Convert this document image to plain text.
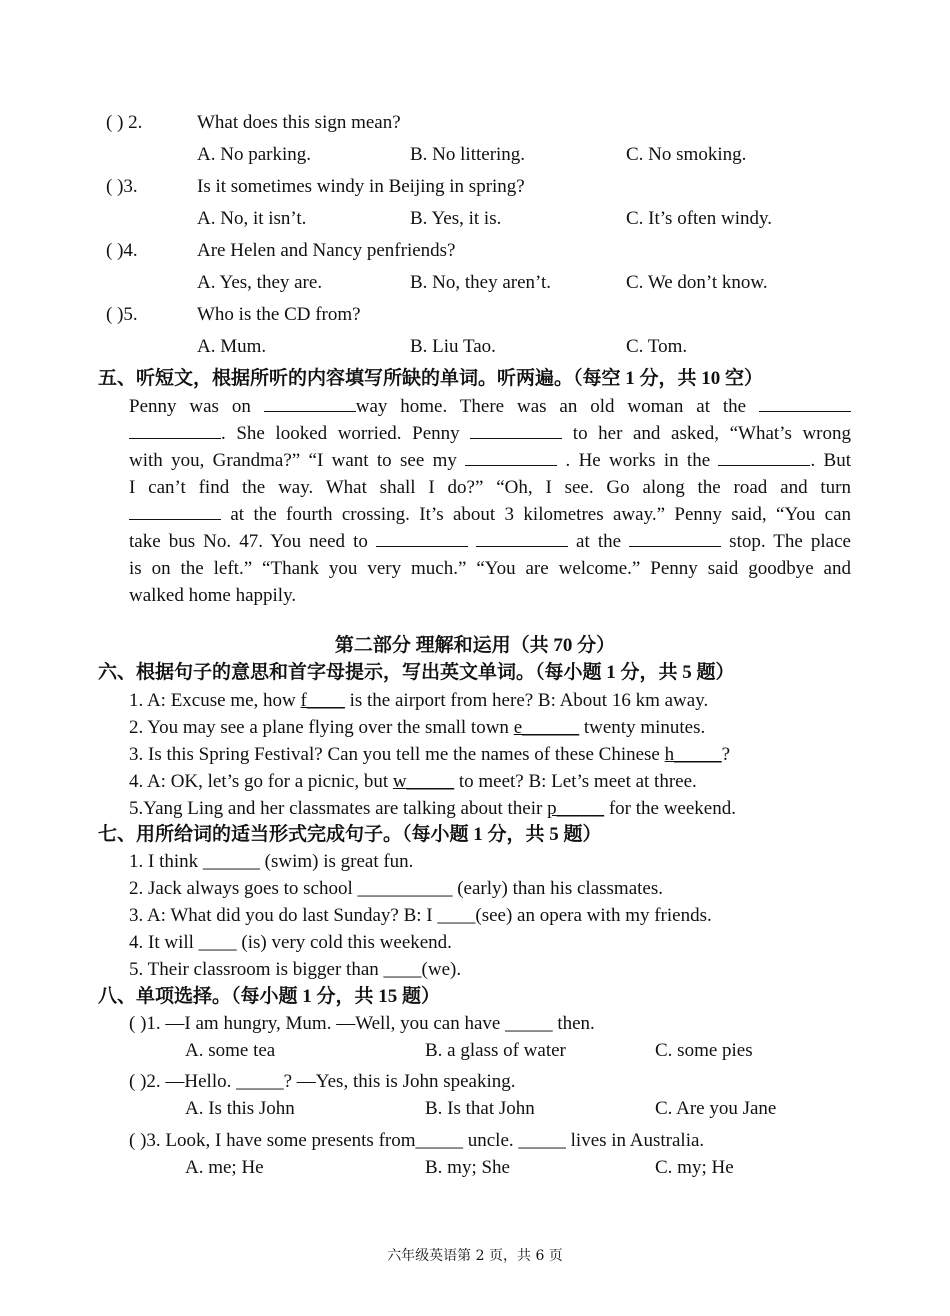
( ) 2.	What does this sign mean?
A. No parking.	B. No littering.	C. No smoking.
( )3.	Is it sometimes windy in Beijing in spring?
A. No, it isn’t.	B. Yes, it is.	C. It’s often windy.
( )4.	Are Helen and Nancy penfriends?
A. Yes, they are.	B. No, they aren’t.	C. We don’t know.
( )5.	Who is the CD from?
A. Mum.	B. Liu Tao.	C. Tom.
五、听短文，根据所听的内容填写所缺的单词。听两遍。（每空 1 分，共 10 空）
Penny was on	way home. There was an old woman at the
. She looked worried. Penny	to her and asked, “What’s wrong
with you, Grandma?” “I want to see my	. He works in the	. But
I can’t find the way. What shall I do?” “Oh, I see. Go along the road and turn
at the fourth crossing. It’s about 3 kilometres away.” Penny said, “You can
take bus No. 47. You need to	at the	stop. The place
is on the left.” “Thank you very much.” “You are welcome.” Penny said goodbye and
walked home happily.
第二部分 理解和运用（共 70 分）
六、根据句子的意思和首字母提示，写出英文单词。（每小题 1 分，共 5 题）
1. A: Excuse me, how f____ is the airport from here? B: About 16 km away.
2. You may see a plane flying over the small town e______ twenty minutes.
3. Is this Spring Festival? Can you tell me the names of these Chinese h_____?
4. A: OK, let’s go for a picnic, but w_____ to meet? B: Let’s meet at three.
5.Yang Ling and her classmates are talking about their p_____ for the weekend.
七、用所给词的适当形式完成句子。（每小题 1 分，共 5 题）
1. I think ______ (swim) is great fun.
2. Jack always goes to school __________ (early) than his classmates.
3. A: What did you do last Sunday? B: I ____(see) an opera with my friends.
4. It will ____ (is) very cold this weekend.
5. Their classroom is bigger than ____(we).
八、单项选择。（每小题 1 分，共 15 题）
( )1. —I am hungry, Mum. —Well, you can have _____ then.
A. some tea	B. a glass of water	C. some pies
( )2. —Hello. _____? —Yes, this is John speaking.
A. Is this John	B. Is that John	C. Are you Jane
( )3. Look, I have some presents from_____ uncle. _____ lives in Australia.
A. me; He	B. my; She	C. my; He
六年级英语第 2 页，共 6 页
